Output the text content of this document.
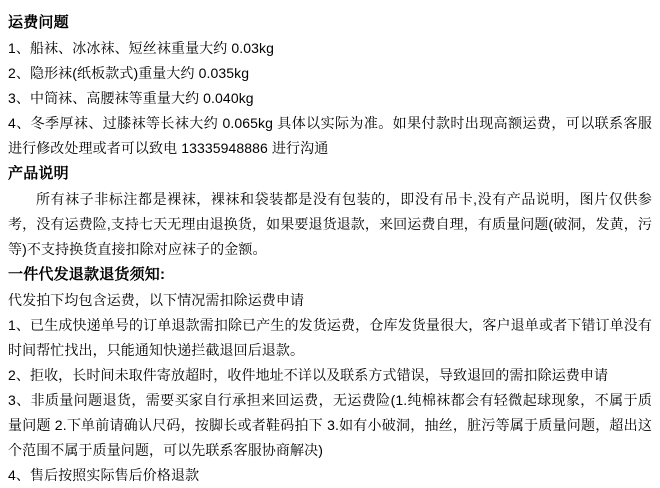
运费问题
1、船袜、冰冰袜、短丝袜重量大约 0.03kg
2、隐形袜(纸板款式)重量大约 0.035kg
3、中筒袜、高腰袜等重量大约 0.040kg
4、冬季厚袜、过膝袜等长袜大约 0.065kg 具体以实际为准。如果付款时出现高额运费，可以联系客服进行修改处理或者可以致电 13335948886 进行沟通
产品说明
所有袜子非标注都是裸袜，裸袜和袋装都是没有包装的，即没有吊卡,没有产品说明，图片仅供参考，没有运费险,支持七天无理由退换货，如果要退货退款，来回运费自理，有质量问题(破洞，发黄，污等)不支持换货直接扣除对应袜子的金额。
一件代发退款退货须知:
代发拍下均包含运费，以下情况需扣除运费申请
1、已生成快递单号的订单退款需扣除已产生的发货运费，仓库发货量很大，客户退单或者下错订单没有时间帮忙找出，只能通知快递拦截退回后退款。
2、拒收，长时间未取件寄放超时，收件地址不详以及联系方式错误，导致退回的需扣除运费申请
3、非质量问题退货，需要买家自行承担来回运费，无运费险(1.纯棉袜都会有轻微起球现象，不属于质量问题 2.下单前请确认尺码，按脚长或者鞋码拍下 3.如有小破洞，抽丝，脏污等属于质量问题，超出这个范围不属于质量问题，可以先联系客服协商解决)
4、售后按照实际售后价格退款
